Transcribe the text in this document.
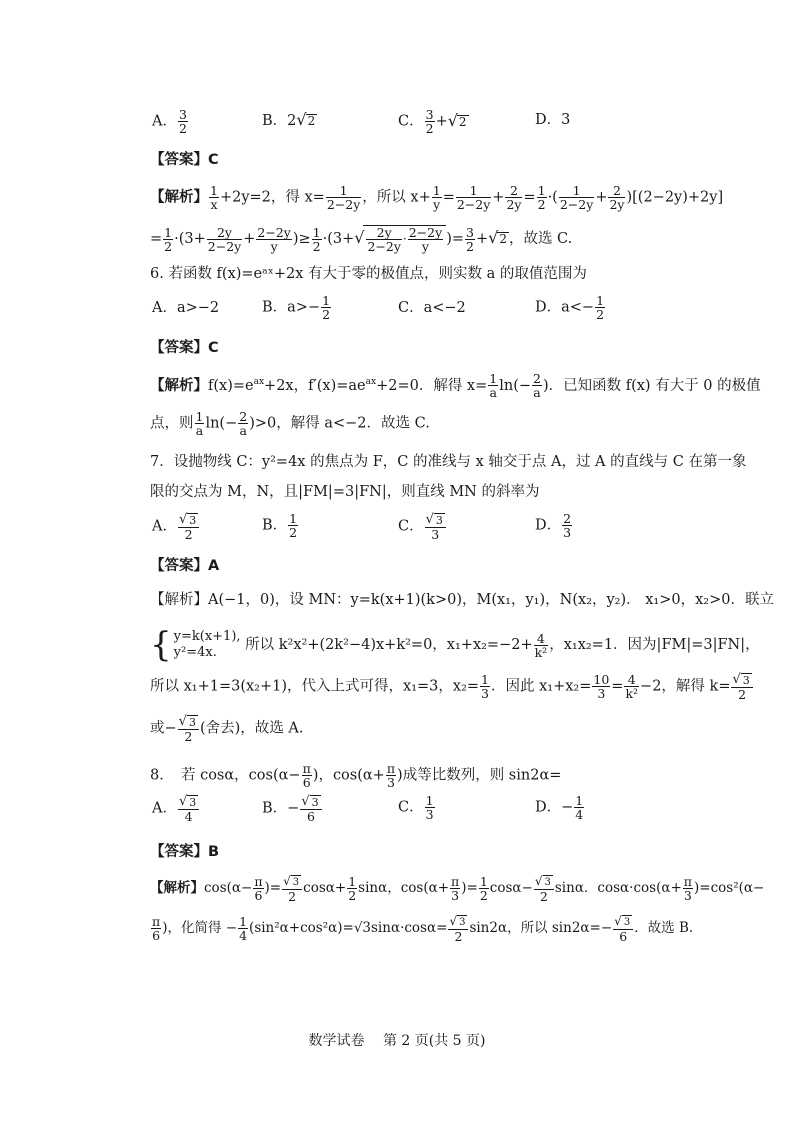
A． $\frac{3}{2}$	B．2√2	C． $\frac{3}{2} +√2$	D．3
【答案】C
【解析】 $\frac{1}{x} +2y=2$，得 $x= \frac{1}{2-2y}$ ，所以 $x+ \frac{1}{y} = \frac{1}{2-2y} + \frac{2}{2y} = \frac{1}{2}$ ·( $\frac{1}{2-2y} + \frac{2}{2y} )[(2-2y)+2y]$
= $\frac{1}{2} \cdot(3+ \frac{2y}{2-2y} + \frac{2-2y}{y}$ )≥ $\frac{1}{2} \cdot(3+√ \frac{2y}{2-2y} \cdot \frac{2-2y}{y}$ )= $\frac{3}{2} +√2$ ，故选 C.
6. 若函数 f(x)=eᵃˣ+2x 有大于零的极值点，则实数 a 的取值范围为
A．a>−2	B．$a>- \frac{1}{2}$	C．a<−2	D．$a<- \frac{1}{2}$
【答案】C
【解析】$f(x)=e^{ax}+2x$，$f'(x)=ae^{ax}+2=0$．解得 $x= \frac{1}{a} \ln(- \frac{2}{a}$ )．已知函数 f(x) 有大于 0 的极值
点，则 $\frac{1}{a} \ln(- \frac{2}{a} )>0$，解得 a<−2．故选 C.
7．设抛物线 C：y²=4x 的焦点为 F，C 的准线与 x 轴交于点 A，过 A 的直线与 C 在第一象
限的交点为 M，N，且|FM|=3|FN|，则直线 MN 的斜率为
A． $\frac{√ 3}{2}$	B． $\frac{1}{2}$	C． $\frac{√ 3}{3}$	D． $\frac{2}{3}$
【答案】A
【解析】A(−1，0)，设 MN：y=k(x+1)(k>0)，M(x₁，y₁)，N(x₂，y₂)． x₁>0，x₂>0．联立
{ y=k(x+1),
y²=4x. 所以 k²x²+(2k²−4)x+k²=0，$x_1+x_2=-2+ \frac{4}{\text{k²}}$ ，x₁x₂=1．因为|FM|=3|FN|，
所以 x₁+1=3(x₂+1)，代入上式可得，x₁=3，$x_2= \frac{1}{3}$ ．因此 $x_1+x_2= \frac{10}{3} = \frac{4}{\text{k²}} -2$，解得 $k= \frac{√ 3}{2}$
或− $\frac{√ 3}{2}$ (舍去)，故选 A.
8．　若 cosα，$\cos(\alpha- \frac{\pi}{6}$ )，$\cos(\alpha+ \frac{\pi}{3}$ )成等比数列，则 sin2α=
A． $\frac{√ 3}{4}$	B．− $\frac{√ 3}{6}$	C． $\frac{1}{3}$	D．− $\frac{1}{4}$
【答案】B
【解析】$\cos(\alpha- \frac{\pi}{6}$ )= $\frac{√ 3}{2} \cos\alpha+ \frac{1}{2}$ sinα，$\cos(\alpha+ \frac{\pi}{3}$ )= $\frac{1}{2} \cos\alpha- \frac{√ 3}{2}$ sinα．$\cos\alpha\cdot\cos(\alpha+ \frac{\pi}{3} )=\cos^2(\alpha-$
$\frac{\pi}{6}$ )，化简得 − $\frac{1}{4} (\sin^2\alpha+\cos^2\alpha)=√3\sin\alpha\cdot\cos\alpha= \frac{√ 3}{2} \sin 2\alpha$，所以 $\sin 2\alpha=- \frac{√ 3}{6}$ ．故选 B.
数学试卷　 第 2 页(共 5 页)
